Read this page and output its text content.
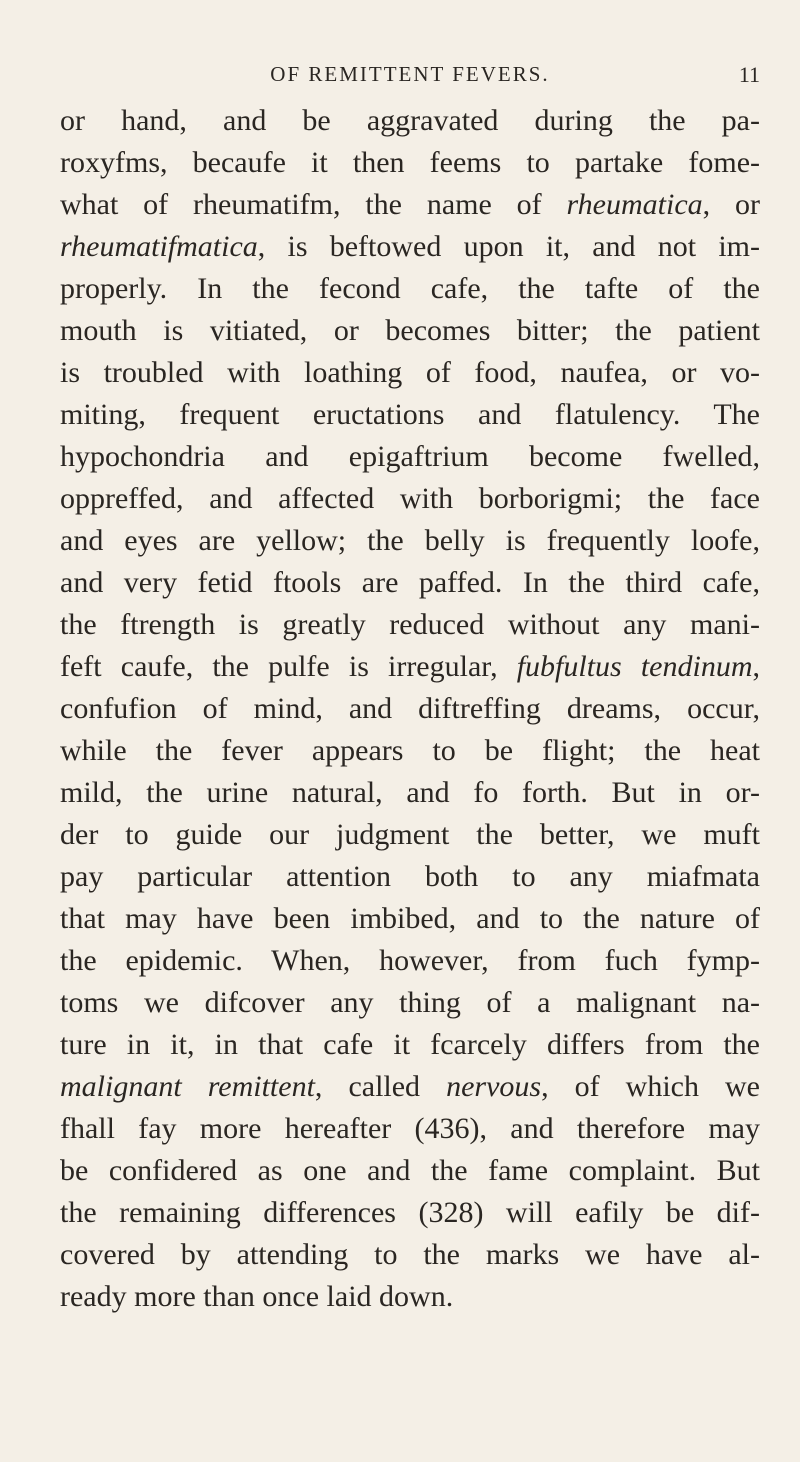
OF REMITTENT FEVERS.	11
or hand, and be aggravated during the pa-
roxyfms, becaufe it then feems to partake fome-
what of rheumatifm, the name of rheumatica, or
rheumatifmatica, is beftowed upon it, and not im-
properly. In the fecond cafe, the tafte of the
mouth is vitiated, or becomes bitter; the patient
is troubled with loathing of food, naufea, or vo-
miting, frequent eructations and flatulency. The
hypochondria and epigaftrium become fwelled,
oppreffed, and affected with borborigmi; the face
and eyes are yellow; the belly is frequently loofe,
and very fetid ftools are paffed. In the third cafe,
the ftrength is greatly reduced without any mani-
feft caufe, the pulfe is irregular, fubfultus tendinum,
confufion of mind, and diftreffing dreams, occur,
while the fever appears to be flight; the heat
mild, the urine natural, and fo forth. But in or-
der to guide our judgment the better, we muft
pay particular attention both to any miafmata
that may have been imbibed, and to the nature of
the epidemic. When, however, from fuch fymp-
toms we difcover any thing of a malignant na-
ture in it, in that cafe it fcarcely differs from the
malignant remittent, called nervous, of which we
fhall fay more hereafter (436), and therefore may
be confidered as one and the fame complaint. But
the remaining differences (328) will eafily be dif-
covered by attending to the marks we have al-
ready more than once laid down.
